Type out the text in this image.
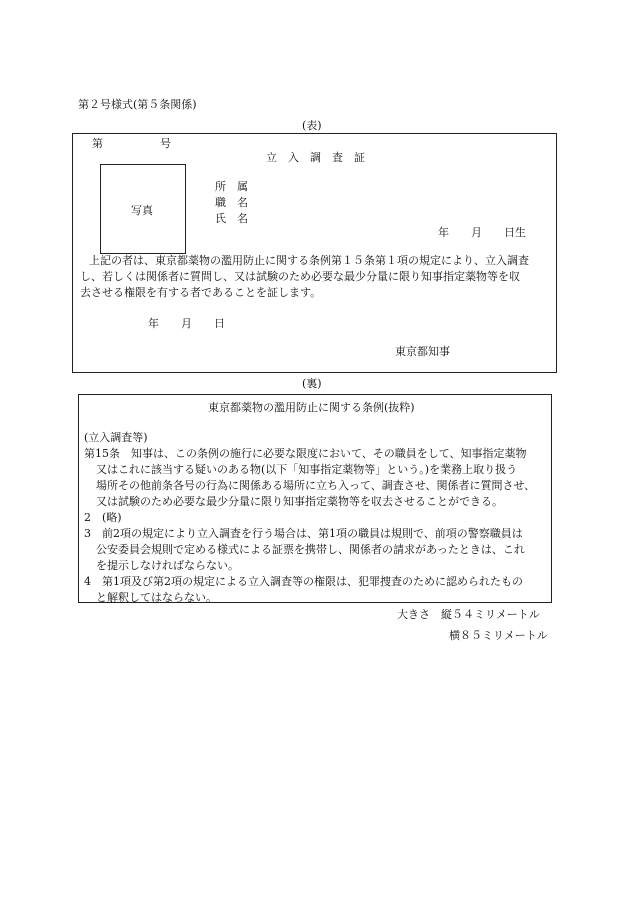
第２号様式(第５条関係)
(表)
第	号
立　入　調　査　証
写真
所　属
職　名
氏　名
年　　月　　日生
上記の者は、東京都薬物の濫用防止に関する条例第１５条第１項の規定により、立入調査
し、若しくは関係者に質問し、又は試験のため必要な最少分量に限り知事指定薬物等を収
去させる権限を有する者であることを証します。
年　　月　　日
東京都知事
(裏)
東京都薬物の濫用防止に関する条例(抜粋)
(立入調査等)
第15条　知事は、この条例の施行に必要な限度において、その職員をして、知事指定薬物
又はこれに該当する疑いのある物(以下「知事指定薬物等」という。)を業務上取り扱う
場所その他前条各号の行為に関係ある場所に立ち入って、調査させ、関係者に質問させ、
又は試験のため必要な最少分量に限り知事指定薬物等を収去させることができる。
2　(略)
3　前2項の規定により立入調査を行う場合は、第1項の職員は規則で、前項の警察職員は
公安委員会規則で定める様式による証票を携帯し、関係者の請求があったときは、これ
を提示しなければならない。
4　第1項及び第2項の規定による立入調査等の権限は、犯罪捜査のために認められたもの
と解釈してはならない。
大きさ　縦５４ミリメートル
横８５ミリメートル
